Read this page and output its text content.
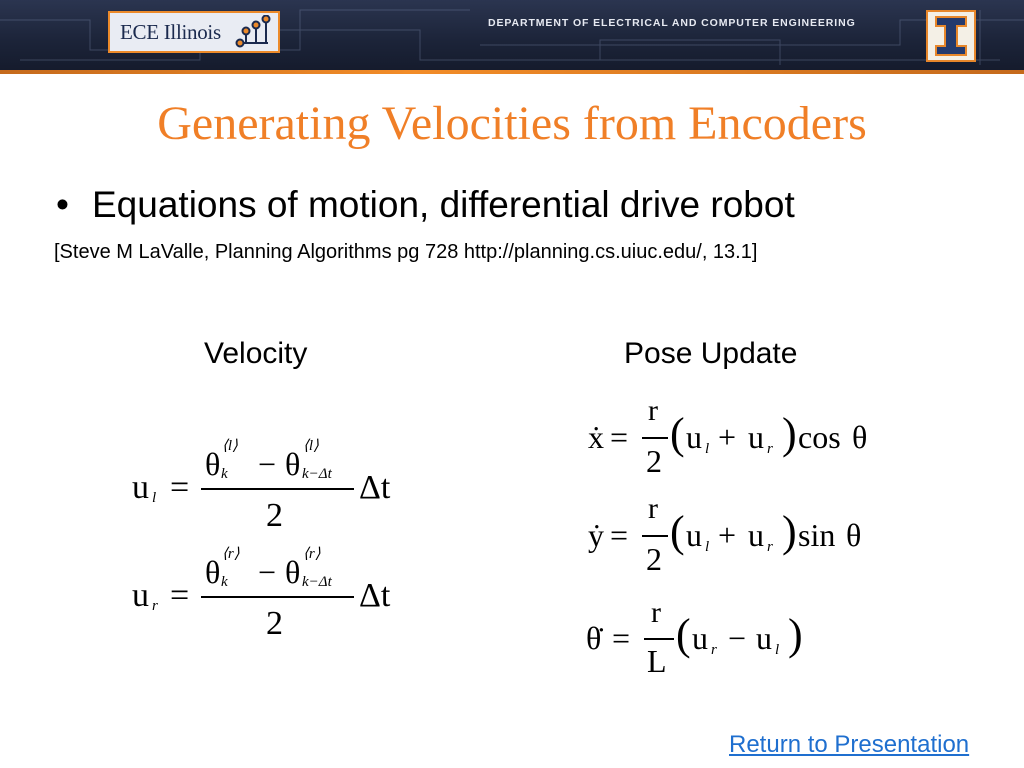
ECE Illinois	DEPARTMENT OF ELECTRICAL AND COMPUTER ENGINEERING
Generating Velocities from Encoders
• Equations of motion, differential drive robot
[Steve M LaValle, Planning Algorithms pg 728 http://planning.cs.uiuc.edu/, 13.1]
Velocity	Pose Update
u l =
θ ⟨l⟩
k − θ ⟨l⟩
k−Δt
2
Δt
u r =
θ ⟨r⟩
k − θ ⟨r⟩
k−Δt
2
Δt
ẋ =
r
2
( u l + u r ) cos θ
ẏ =
r
2
( u l + u r ) sin θ
θ̇ =
r
L
( u r − u l )
Return to Presentation
